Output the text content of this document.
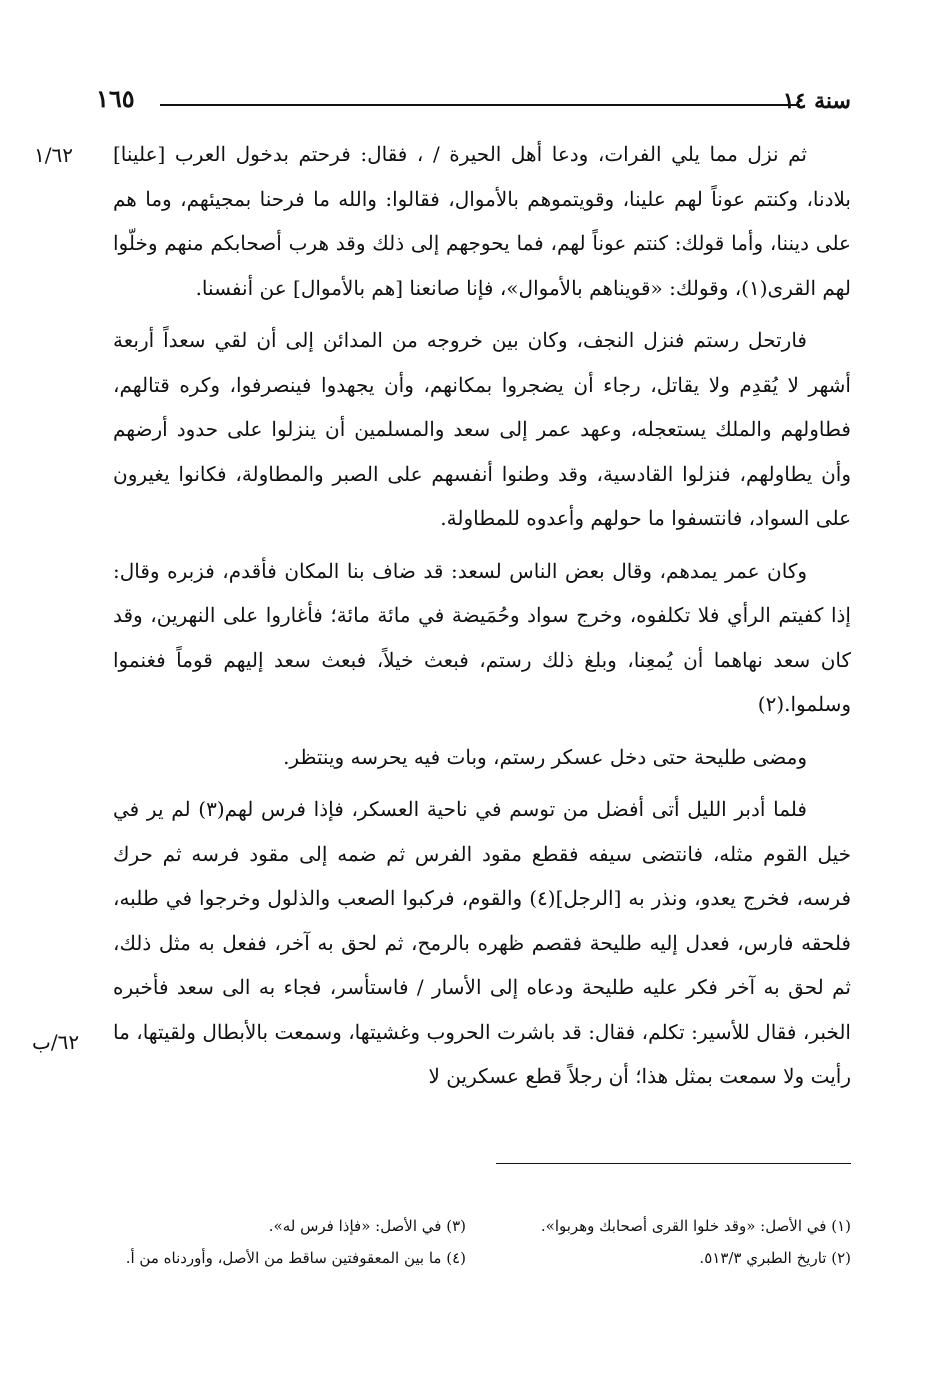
سنة ١٤
١٦٥
١/٦٢
٦٢/ب

ثم نزل مما يلي الفرات، ودعا أهل الحيرة / ، فقال: فرحتم بدخول العرب [علينا] بلادنا، وكنتم عوناً لهم علينا، وقويتموهم بالأموال، فقالوا: والله ما فرحنا بمجيئهم، وما هم على ديننا، وأما قولك: كنتم عوناً لهم، فما يحوجهم إلى ذلك وقد هرب أصحابكم منهم وخلّوا لهم القرى(١)، وقولك: «قويناهم بالأموال»، فإنا صانعنا [هم بالأموال] عن أنفسنا.

فارتحل رستم فنزل النجف، وكان بين خروجه من المدائن إلى أن لقي سعداً أربعة أشهر لا يُقدِم ولا يقاتل، رجاء أن يضجروا بمكانهم، وأن يجهدوا فينصرفوا، وكره قتالهم، فطاولهم والملك يستعجله، وعهد عمر إلى سعد والمسلمين أن ينزلوا على حدود أرضهم وأن يطاولهم، فنزلوا القادسية، وقد وطنوا أنفسهم على الصبر والمطاولة، فكانوا يغيرون على السواد، فانتسفوا ما حولهم وأعدوه للمطاولة.

وكان عمر يمدهم، وقال بعض الناس لسعد: قد ضاف بنا المكان فأقدم، فزبره وقال: إذا كفيتم الرأي فلا تكلفوه، وخرج سواد وحُمَيضة في مائة مائة؛ فأغاروا على النهرين، وقد كان سعد نهاهما أن يُمعِنا، وبلغ ذلك رستم، فبعث خيلاً، فبعث سعد إليهم قوماً فغنموا وسلموا.(٢)

ومضى طليحة حتى دخل عسكر رستم، وبات فيه يحرسه وينتظر.

فلما أدبر الليل أتى أفضل من توسم في ناحية العسكر، فإذا فرس لهم(٣) لم ير في خيل القوم مثله، فانتضى سيفه فقطع مقود الفرس ثم ضمه إلى مقود فرسه ثم حرك فرسه، فخرج يعدو، ونذر به [الرجل](٤) والقوم، فركبوا الصعب والذلول وخرجوا في طلبه، فلحقه فارس، فعدل إليه طليحة فقصم ظهره بالرمح، ثم لحق به آخر، ففعل به مثل ذلك، ثم لحق به آخر فكر عليه طليحة ودعاه إلى الأسار / فاستأسر، فجاء به الى سعد فأخبره الخبر، فقال للأسير: تكلم، فقال: قد باشرت الحروب وغشيتها، وسمعت بالأبطال ولقيتها، ما رأيت ولا سمعت بمثل هذا؛ أن رجلاً قطع عسكرين لا

(١) في الأصل: «وقد خلوا القرى أصحابك وهربوا».
(٣) في الأصل: «فإذا فرس له».
(٢) تاريخ الطبري ٥١٣/٣.
(٤) ما بين المعقوفتين ساقط من الأصل، وأوردناه من أ.
